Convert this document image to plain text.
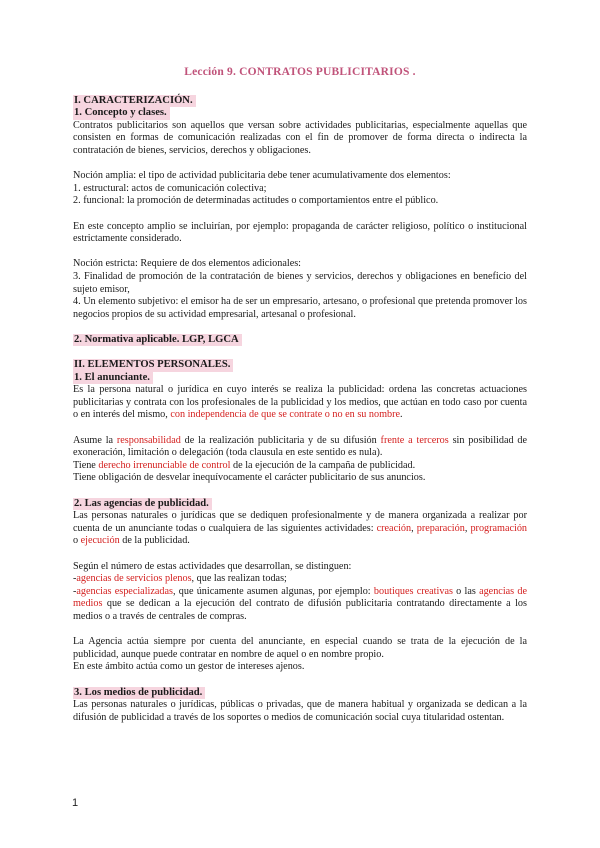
Lección 9. CONTRATOS PUBLICITARIOS .
I. CARACTERIZACIÓN.
1. Concepto y clases.

Contratos publicitarios son aquellos que versan sobre actividades publicitarias, especialmente aquellas que consisten en formas de comunicación realizadas con el fin de promover de forma directa o indirecta la contratación de bienes, servicios, derechos y obligaciones.

Noción amplia: el tipo de actividad publicitaria debe tener acumulativamente dos elementos:

1. estructural: actos de comunicación colectiva;

2. funcional: la promoción de determinadas actitudes o comportamientos entre el público.

En este concepto amplio se incluirían, por ejemplo: propaganda de carácter religioso, político o institucional estrictamente considerado.

Noción estricta: Requiere de dos elementos adicionales:

3. Finalidad de promoción de la contratación de bienes y servicios, derechos y obligaciones en beneficio del sujeto emisor,

4. Un elemento subjetivo: el emisor ha de ser un empresario, artesano, o profesional que pretenda promover los negocios propios de su actividad empresarial, artesanal o profesional.

2. Normativa aplicable. LGP, LGCA
II. ELEMENTOS PERSONALES.
1. El anunciante.

Es la persona natural o jurídica en cuyo interés se realiza la publicidad: ordena las concretas actuaciones publicitarias y contrata con los profesionales de la publicidad y los medios, que actúan en todo caso por cuenta o en interés del mismo, con independencia de que se contrate o no en su nombre.

Asume la responsabilidad de la realización publicitaria y de su difusión frente a terceros sin posibilidad de exoneración, limitación o delegación (toda clausula en este sentido es nula).

Tiene derecho irrenunciable de control de la ejecución de la campaña de publicidad.

Tiene obligación de desvelar inequívocamente el carácter publicitario de sus anuncios.

2. Las agencias de publicidad.

Las personas naturales o jurídicas que se dediquen profesionalmente y de manera organizada a realizar por cuenta de un anunciante todas o cualquiera de las siguientes actividades: creación, preparación, programación o ejecución de la publicidad.

Según el número de estas actividades que desarrollan, se distinguen:

-agencias de servicios plenos, que las realizan todas;

-agencias especializadas, que únicamente asumen algunas, por ejemplo: boutiques creativas o las agencias de medios que se dedican a la ejecución del contrato de difusión publicitaria contratando directamente a los medios o a través de centrales de compras.

La Agencia actúa siempre por cuenta del anunciante, en especial cuando se trata de la ejecución de la publicidad, aunque puede contratar en nombre de aquel o en nombre propio.

En este ámbito actúa como un gestor de intereses ajenos.

3. Los medios de publicidad.

Las personas naturales o jurídicas, públicas o privadas, que de manera habitual y organizada se dedican a la difusión de publicidad a través de los soportes o medios de comunicación social cuya titularidad ostentan.

1
